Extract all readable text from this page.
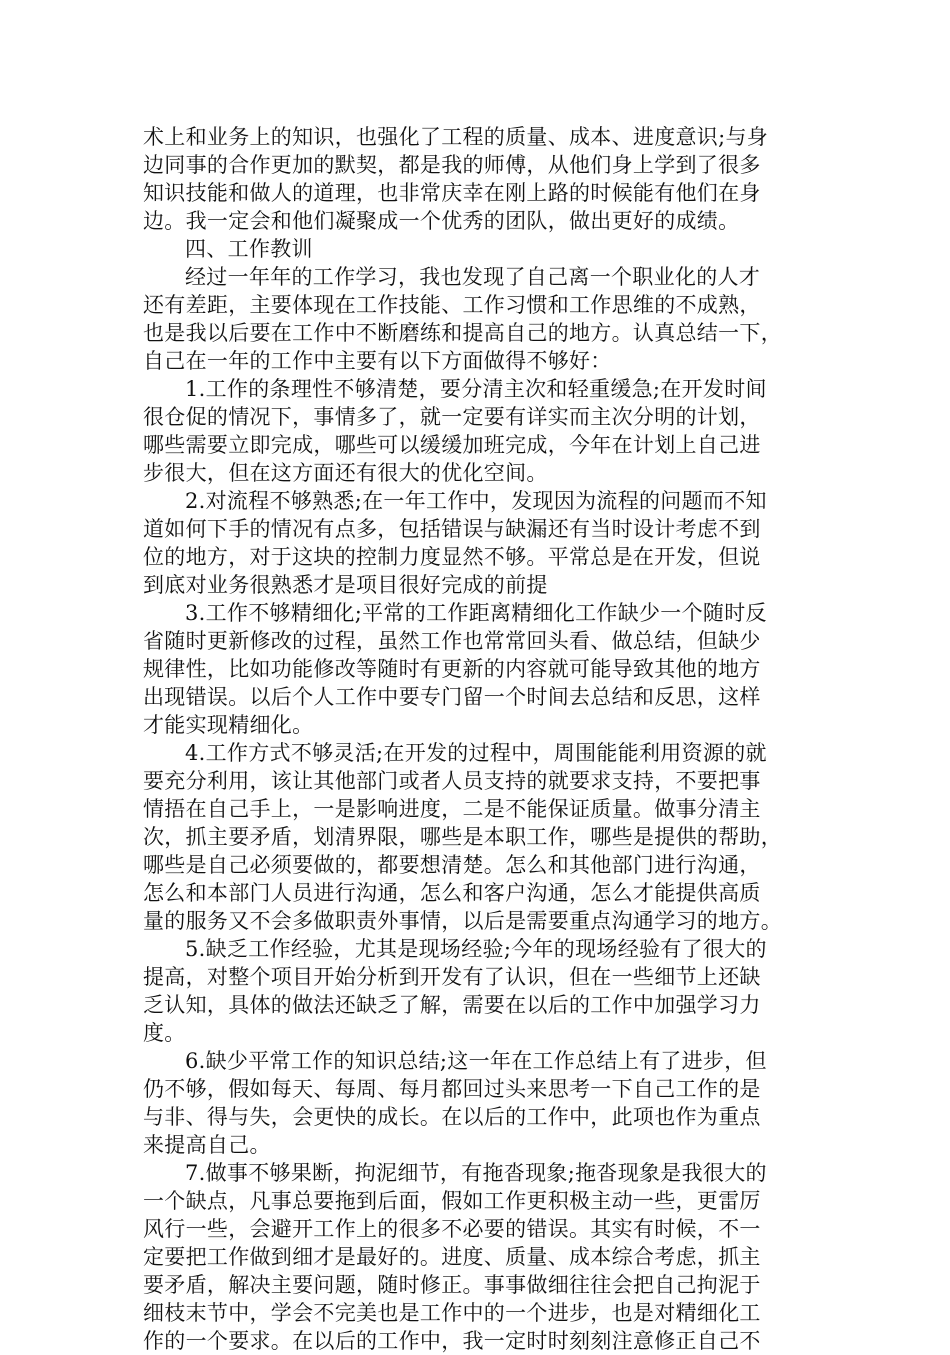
术上和业务上的知识，也强化了工程的质量、成本、进度意识;与身
边同事的合作更加的默契，都是我的师傅，从他们身上学到了很多
知识技能和做人的道理，也非常庆幸在刚上路的时候能有他们在身
边。我一定会和他们凝聚成一个优秀的团队，做出更好的成绩。
四、工作教训
经过一年年的工作学习，我也发现了自己离一个职业化的人才
还有差距，主要体现在工作技能、工作习惯和工作思维的不成熟，
也是我以后要在工作中不断磨练和提高自己的地方。认真总结一下，
自己在一年的工作中主要有以下方面做得不够好：
1.工作的条理性不够清楚，要分清主次和轻重缓急;在开发时间
很仓促的情况下，事情多了，就一定要有详实而主次分明的计划，
哪些需要立即完成，哪些可以缓缓加班完成，今年在计划上自己进
步很大，但在这方面还有很大的优化空间。
2.对流程不够熟悉;在一年工作中，发现因为流程的问题而不知
道如何下手的情况有点多，包括错误与缺漏还有当时设计考虑不到
位的地方，对于这块的控制力度显然不够。平常总是在开发，但说
到底对业务很熟悉才是项目很好完成的前提
3.工作不够精细化;平常的工作距离精细化工作缺少一个随时反
省随时更新修改的过程，虽然工作也常常回头看、做总结，但缺少
规律性，比如功能修改等随时有更新的内容就可能导致其他的地方
出现错误。以后个人工作中要专门留一个时间去总结和反思，这样
才能实现精细化。
4.工作方式不够灵活;在开发的过程中，周围能能利用资源的就
要充分利用，该让其他部门或者人员支持的就要求支持，不要把事
情捂在自己手上，一是影响进度，二是不能保证质量。做事分清主
次，抓主要矛盾，划清界限，哪些是本职工作，哪些是提供的帮助，
哪些是自己必须要做的，都要想清楚。怎么和其他部门进行沟通，
怎么和本部门人员进行沟通，怎么和客户沟通，怎么才能提供高质
量的服务又不会多做职责外事情，以后是需要重点沟通学习的地方。
5.缺乏工作经验，尤其是现场经验;今年的现场经验有了很大的
提高，对整个项目开始分析到开发有了认识，但在一些细节上还缺
乏认知，具体的做法还缺乏了解，需要在以后的工作中加强学习力
度。
6.缺少平常工作的知识总结;这一年在工作总结上有了进步，但
仍不够，假如每天、每周、每月都回过头来思考一下自己工作的是
与非、得与失，会更快的成长。在以后的工作中，此项也作为重点
来提高自己。
7.做事不够果断，拘泥细节，有拖沓现象;拖沓现象是我很大的
一个缺点，凡事总要拖到后面，假如工作更积极主动一些，更雷厉
风行一些，会避开工作上的很多不必要的错误。其实有时候，不一
定要把工作做到细才是最好的。进度、质量、成本综合考虑，抓主
要矛盾，解决主要问题，随时修正。事事做细往往会把自己拘泥于
细枝末节中，学会不完美也是工作中的一个进步，也是对精细化工
作的一个要求。在以后的工作中，我一定时时刻刻注意修正自己不
